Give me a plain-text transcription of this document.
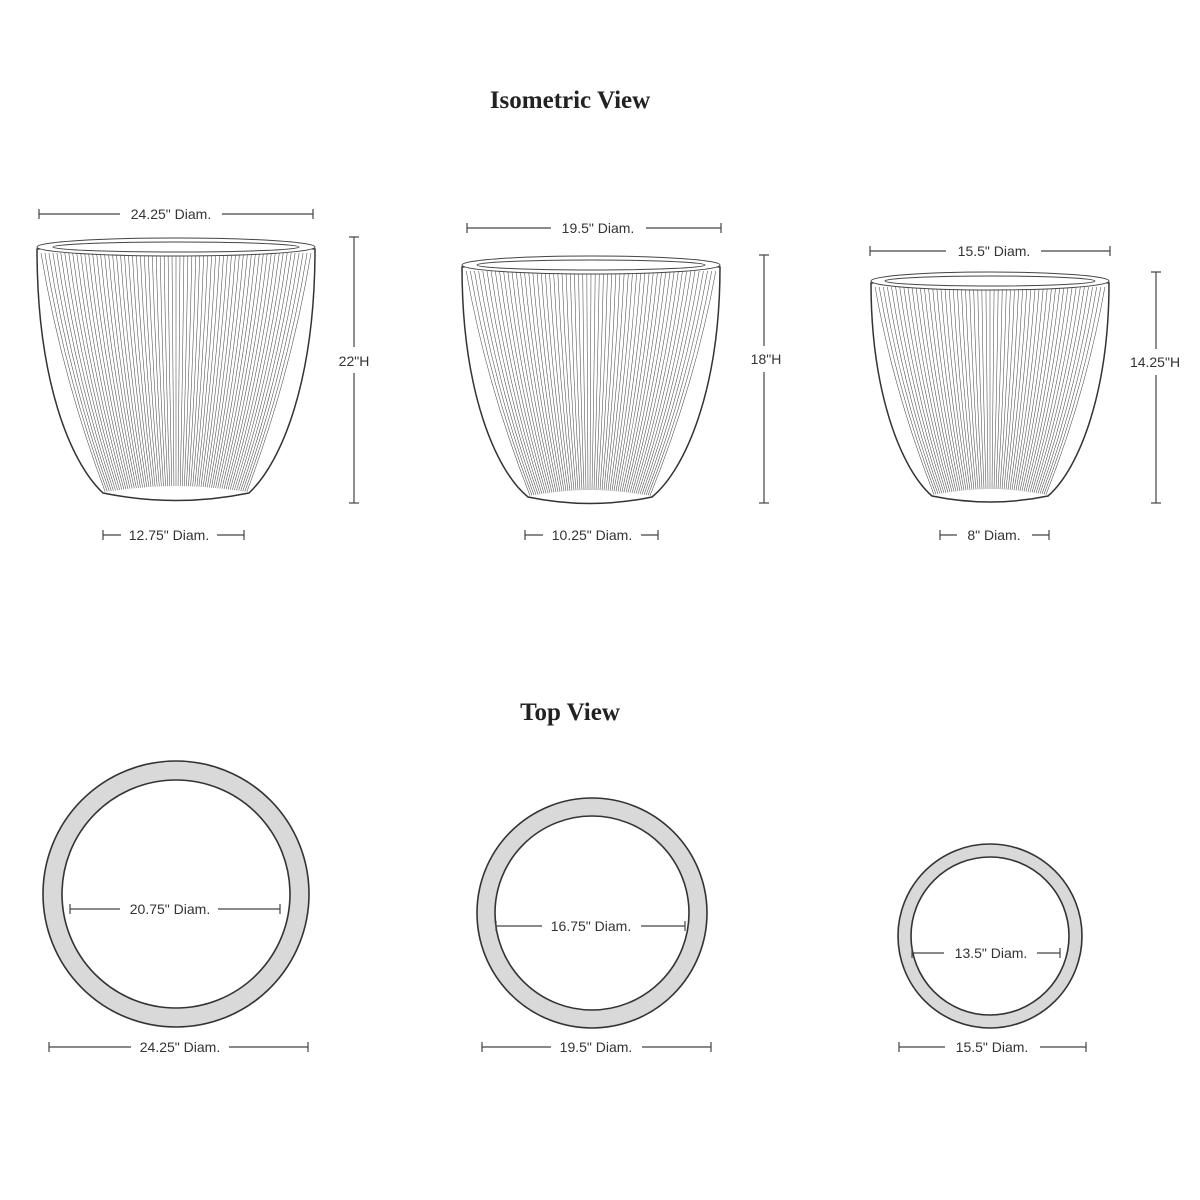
Isometric View
Top View
24.25" Diam.
22"H
12.75" Diam.
19.5" Diam.
18"H
10.25" Diam.
15.5" Diam.
14.25"H
8" Diam.
20.75" Diam.
24.25" Diam.
16.75" Diam.
19.5" Diam.
13.5" Diam.
15.5" Diam.
